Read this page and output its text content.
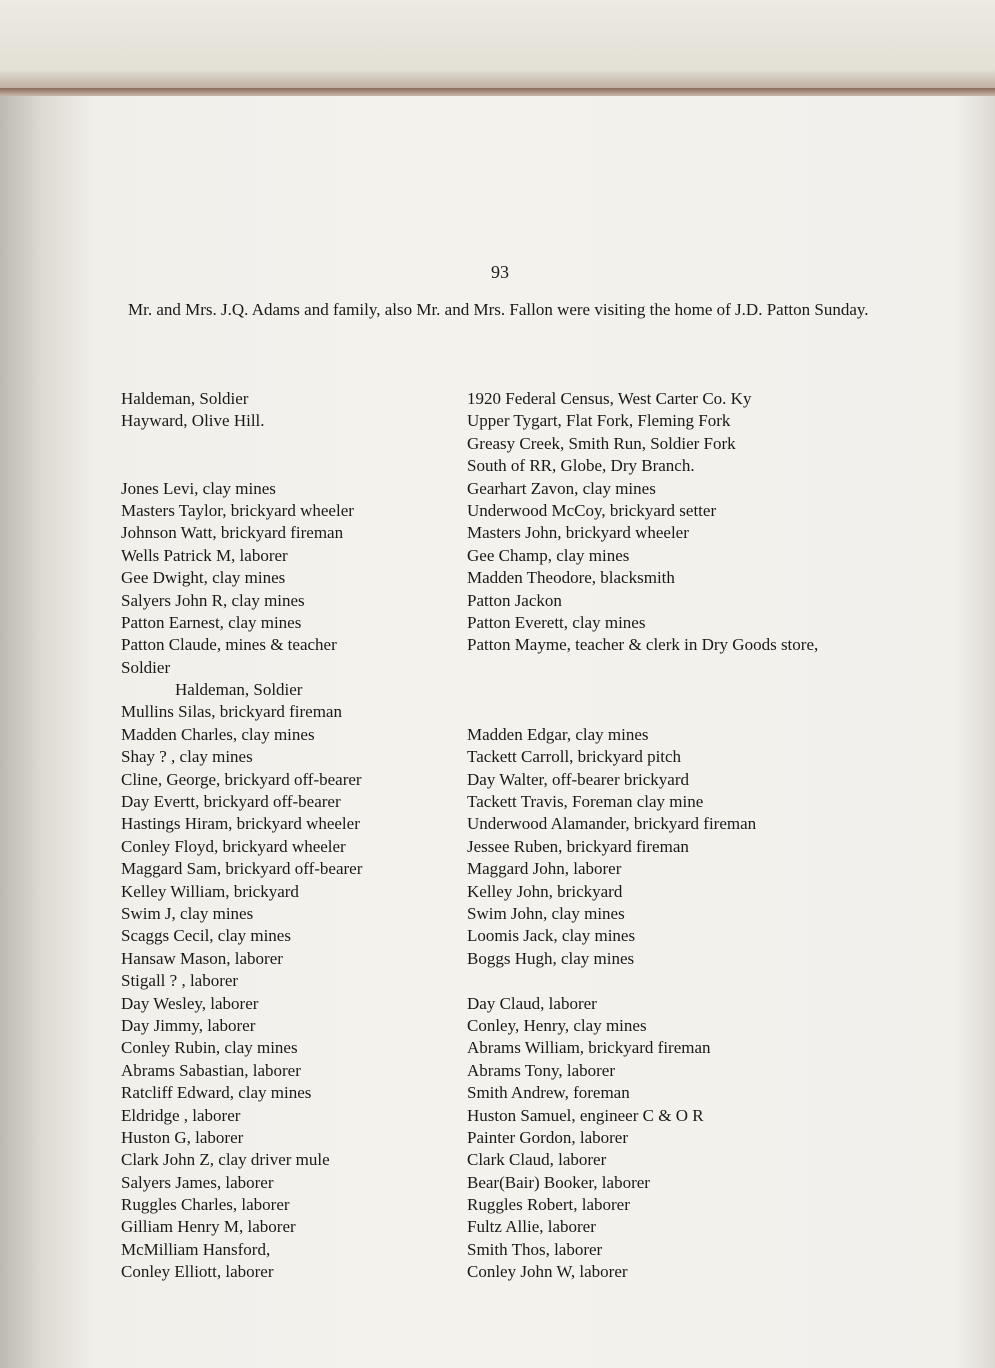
93
Mr. and Mrs. J.Q. Adams and family, also Mr. and Mrs. Fallon were visiting the home of J.D. Patton Sunday.
Haldeman, Soldier
Hayward, Olive Hill.
Jones Levi, clay mines
Masters Taylor, brickyard wheeler
Johnson Watt, brickyard fireman
Wells Patrick M, laborer
Gee Dwight, clay mines
Salyers John R, clay mines
Patton Earnest, clay mines
Patton Claude, mines & teacher
Soldier
Haldeman, Soldier
Mullins Silas, brickyard fireman
Madden Charles, clay mines
Shay ? , clay mines
Cline, George, brickyard off-bearer
Day Evertt, brickyard off-bearer
Hastings Hiram, brickyard wheeler
Conley Floyd, brickyard wheeler
Maggard Sam, brickyard off-bearer
Kelley William, brickyard
Swim J, clay mines
Scaggs Cecil, clay mines
Hansaw Mason, laborer
Stigall ? , laborer
Day Wesley, laborer
Day Jimmy, laborer
Conley Rubin, clay mines
Abrams Sabastian, laborer
Ratcliff Edward, clay mines
Eldridge , laborer
Huston G, laborer
Clark John Z, clay driver mule
Salyers James, laborer
Ruggles Charles, laborer
Gilliam Henry M, laborer
McMilliam Hansford,
Conley Elliott, laborer
1920 Federal Census, West Carter Co. Ky
Upper Tygart, Flat Fork, Fleming Fork
Greasy Creek, Smith Run, Soldier Fork
South of RR, Globe, Dry Branch.
Gearhart Zavon, clay mines
Underwood McCoy, brickyard setter
Masters John, brickyard wheeler
Gee Champ, clay mines
Madden Theodore, blacksmith
Patton Jackon
Patton Everett, clay mines
Patton Mayme, teacher & clerk in Dry Goods store,
Madden Edgar, clay mines
Tackett Carroll, brickyard pitch
Day Walter, off-bearer brickyard
Tackett Travis, Foreman clay mine
Underwood Alamander, brickyard fireman
Jessee Ruben, brickyard fireman
Maggard John, laborer
Kelley John, brickyard
Swim John, clay mines
Loomis Jack, clay mines
Boggs Hugh, clay mines
Day Claud, laborer
Conley, Henry, clay mines
Abrams William, brickyard fireman
Abrams Tony, laborer
Smith Andrew, foreman
Huston Samuel, engineer C & O R
Painter Gordon, laborer
Clark Claud, laborer
Bear(Bair) Booker, laborer
Ruggles Robert, laborer
Fultz Allie, laborer
Smith Thos, laborer
Conley John W, laborer
